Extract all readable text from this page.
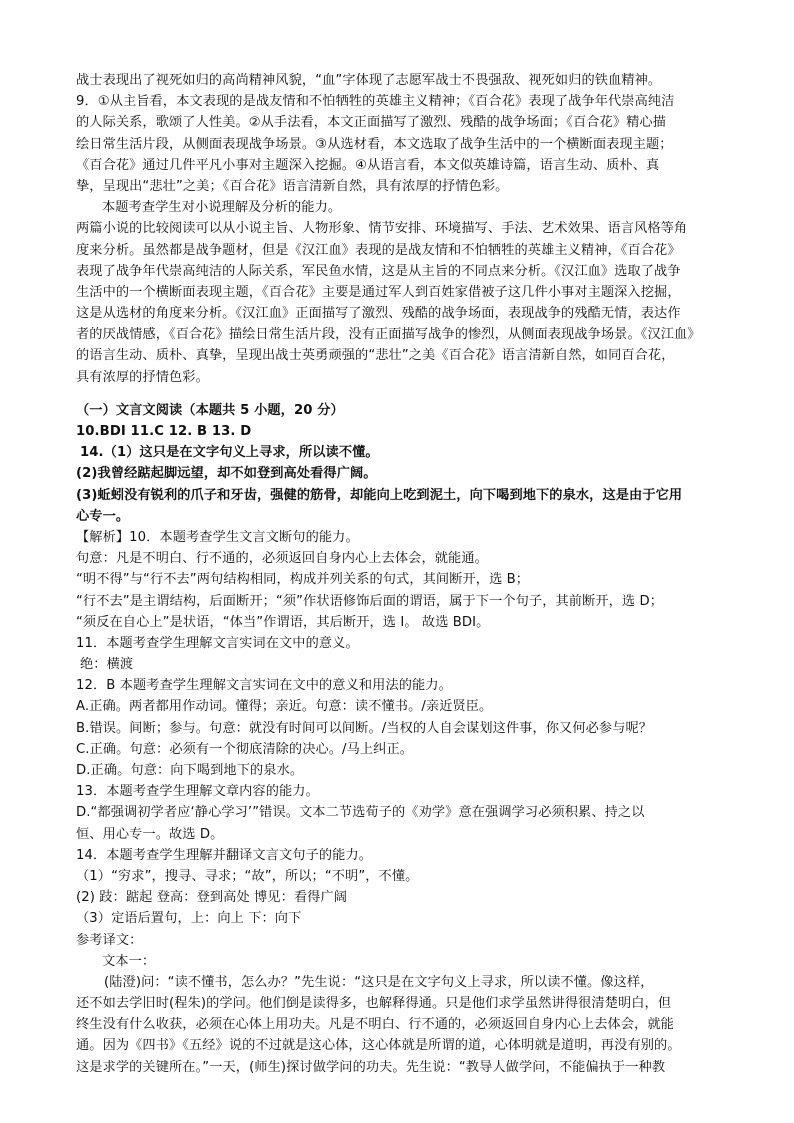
战士表现出了视死如归的高尚精神风貌，“血”字体现了志愿军战士不畏强敌、视死如归的铁血精神。
9．①从主旨看，本文表现的是战友情和不怕牺牲的英雄主义精神；《百合花》表现了战争年代崇高纯洁
的人际关系，歌颂了人性美。②从手法看，本文正面描写了激烈、残酷的战争场面；《百合花》精心描
绘日常生活片段，从侧面表现战争场景。③从选材看，本文选取了战争生活中的一个横断面表现主题；
《百合花》通过几件平凡小事对主题深入挖掘。④从语言看，本文似英雄诗篇，语言生动、质朴、真
挚，呈现出“悲壮”之美；《百合花》语言清新自然，具有浓厚的抒情色彩。
本题考查学生对小说理解及分析的能力。
两篇小说的比较阅读可以从小说主旨、人物形象、情节安排、环境描写、手法、艺术效果、语言风格等角
度来分析。虽然都是战争题材，但是《汉江血》表现的是战友情和不怕牺牲的英雄主义精神，《百合花》
表现了战争年代崇高纯洁的人际关系，军民鱼水情，这是从主旨的不同点来分析。《汉江血》选取了战争
生活中的一个横断面表现主题，《百合花》主要是通过军人到百姓家借被子这几件小事对主题深入挖掘，
这是从选材的角度来分析。《汉江血》正面描写了激烈、残酷的战争场面，表现战争的残酷无情，表达作
者的厌战情感，《百合花》描绘日常生活片段，没有正面描写战争的惨烈，从侧面表现战争场景。《汉江血》
的语言生动、质朴、真挚，呈现出战士英勇顽强的“悲壮”之美《百合花》语言清新自然，如同百合花，
具有浓厚的抒情色彩。
（一）文言文阅读（本题共 5 小题，20 分）
10.BDI 11.C 12. B 13. D
14.（1）这只是在文字句义上寻求，所以读不懂。
(2)我曾经踮起脚远望，却不如登到高处看得广阔。
(3)蚯蚓没有锐利的爪子和牙齿，强健的筋骨，却能向上吃到泥土，向下喝到地下的泉水，这是由于它用
心专一。
【解析】10．本题考查学生文言文断句的能力。
句意：凡是不明白、行不通的，必须返回自身内心上去体会，就能通。
“明不得”与“行不去”两句结构相同，构成并列关系的句式，其间断开，选 B；
“行不去”是主谓结构，后面断开；“须”作状语修饰后面的谓语，属于下一个句子，其前断开，选 D；
“须反在自心上”是状语，“体当”作谓语，其后断开，选 I。 故选 BDI。
11．本题考查学生理解文言实词在文中的意义。
绝：横渡
12．B 本题考查学生理解文言实词在文中的意义和用法的能力。
A.正确。两者都用作动词。懂得；亲近。句意：读不懂书。/亲近贤臣。
B.错误。间断；参与。句意：就没有时间可以间断。/当权的人自会谋划这件事，你又何必参与呢？
C.正确。句意：必须有一个彻底清除的决心。/马上纠正。
D.正确。句意：向下喝到地下的泉水。
13．本题考查学生理解文章内容的能力。
D.“都强调初学者应‘静心学习’”错误。文本二节选荀子的《劝学》意在强调学习必须积累、持之以
恒、用心专一。故选 D。
14．本题考查学生理解并翻译文言文句子的能力。
（1）“穷求”，搜寻、寻求；“故”，所以；“不明”，不懂。
(2) 跂：踮起 登高：登到高处 博见：看得广阔
（3）定语后置句，上：向上 下：向下
参考译文：
文本一：
(陆澄)问：“读不懂书，怎么办？”先生说：“这只是在文字句义上寻求，所以读不懂。像这样，
还不如去学旧时(程朱)的学问。他们倒是读得多，也解释得通。只是他们求学虽然讲得很清楚明白，但
终生没有什么收获，必须在心体上用功夫。凡是不明白、行不通的，必须返回自身内心上去体会，就能
通。因为《四书》《五经》说的不过就是这心体，这心体就是所谓的道，心体明就是道明，再没有别的。
这是求学的关键所在。”一天，(师生)探讨做学问的功夫。先生说：“教导人做学问，不能偏执于一种教
